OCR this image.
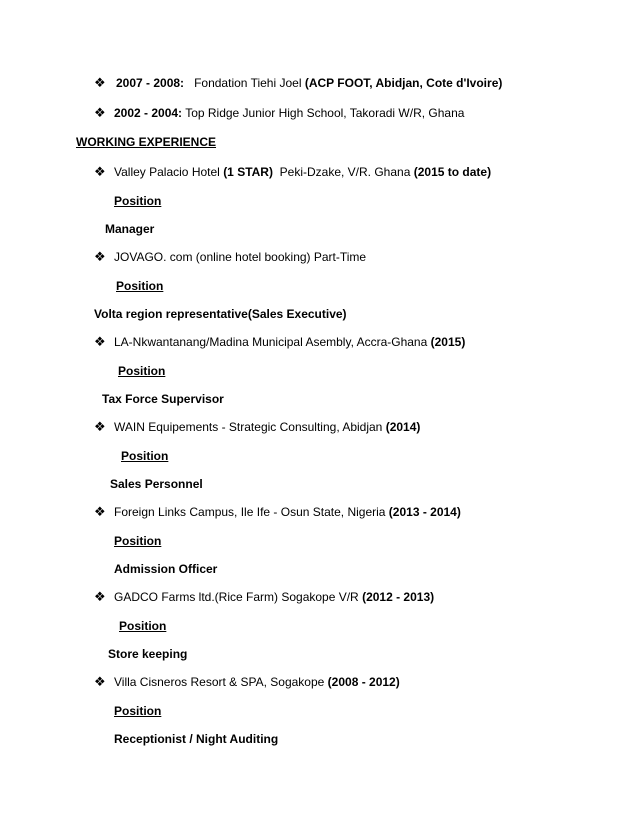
❖ 2007 - 2008: Fondation Tiehi Joel (ACP FOOT, Abidjan, Cote d'Ivoire)
❖ 2002 - 2004: Top Ridge Junior High School, Takoradi W/R, Ghana
WORKING EXPERIENCE
❖ Valley Palacio Hotel (1 STAR) Peki-Dzake, V/R. Ghana (2015 to date)
Position
Manager
❖ JOVAGO. com (online hotel booking) Part-Time
Position
Volta region representative(Sales Executive)
❖ LA-Nkwantanang/Madina Municipal Asembly, Accra-Ghana (2015)
Position
Tax Force Supervisor
❖ WAIN Equipements - Strategic Consulting, Abidjan (2014)
Position
Sales Personnel
❖ Foreign Links Campus, Ile Ife - Osun State, Nigeria (2013 - 2014)
Position
Admission Officer
❖ GADCO Farms ltd.(Rice Farm) Sogakope V/R (2012 - 2013)
Position
Store keeping
❖ Villa Cisneros Resort & SPA, Sogakope (2008 - 2012)
Position
Receptionist / Night Auditing
